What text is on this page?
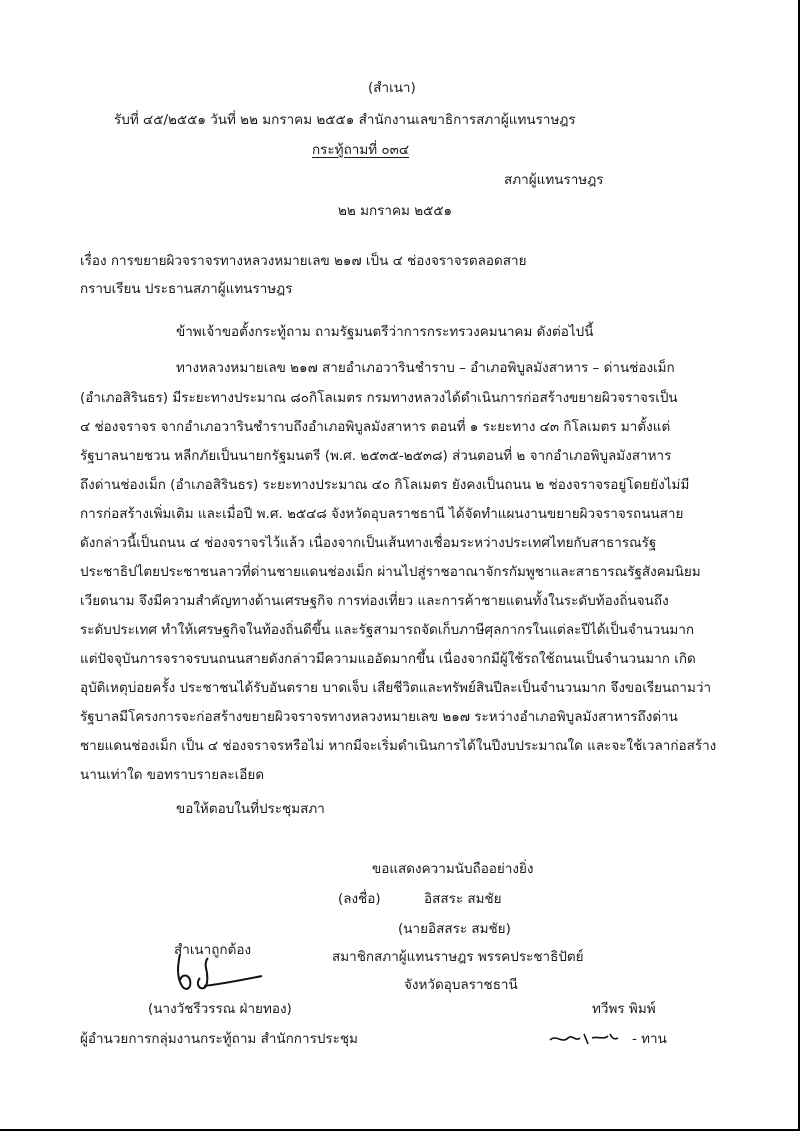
(สำเนา)
รับที่ ๔๕/๒๕๕๑ วันที่ ๒๒ มกราคม ๒๕๕๑ สำนักงานเลขาธิการสภาผู้แทนราษฎร
กระทู้ถามที่ ๐๓๔
สภาผู้แทนราษฎร
๒๒ มกราคม ๒๕๕๑
เรื่อง การขยายผิวจราจรทางหลวงหมายเลข ๒๑๗ เป็น ๔ ช่องจราจรตลอดสาย
กราบเรียน ประธานสภาผู้แทนราษฎร
ข้าพเจ้าขอตั้งกระทู้ถาม ถามรัฐมนตรีว่าการกระทรวงคมนาคม ดังต่อไปนี้
ทางหลวงหมายเลข ๒๑๗ สายอำเภอวารินชำราบ – อำเภอพิบูลมังสาหาร – ด่านช่องเม็ก
(อำเภอสิรินธร) มีระยะทางประมาณ ๘๐กิโลเมตร กรมทางหลวงได้ดำเนินการก่อสร้างขยายผิวจราจรเป็น
๔ ช่องจราจร จากอำเภอวารินชำราบถึงอำเภอพิบูลมังสาหาร ตอนที่ ๑ ระยะทาง ๔๓ กิโลเมตร มาตั้งแต่
รัฐบาลนายชวน หลีกภัยเป็นนายกรัฐมนตรี (พ.ศ. ๒๕๓๕-๒๕๓๘) ส่วนตอนที่ ๒ จากอำเภอพิบูลมังสาหาร
ถึงด่านช่องเม็ก (อำเภอสิรินธร) ระยะทางประมาณ ๔๐ กิโลเมตร ยังคงเป็นถนน ๒ ช่องจราจรอยู่โดยยังไม่มี
การก่อสร้างเพิ่มเติม และเมื่อปี พ.ศ. ๒๕๔๘ จังหวัดอุบลราชธานี ได้จัดทำแผนงานขยายผิวจราจรถนนสาย
ดังกล่าวนี้เป็นถนน ๔ ช่องจราจรไว้แล้ว เนื่องจากเป็นเส้นทางเชื่อมระหว่างประเทศไทยกับสาธารณรัฐ
ประชาธิปไตยประชาชนลาวที่ด่านชายแดนช่องเม็ก ผ่านไปสู่ราชอาณาจักรกัมพูชาและสาธารณรัฐสังคมนิยม
เวียดนาม จึงมีความสำคัญทางด้านเศรษฐกิจ การท่องเที่ยว และการค้าชายแดนทั้งในระดับท้องถิ่นจนถึง
ระดับประเทศ ทำให้เศรษฐกิจในท้องถิ่นดีขึ้น และรัฐสามารถจัดเก็บภาษีศุลกากรในแต่ละปีได้เป็นจำนวนมาก
แต่ปัจจุบันการจราจรบนถนนสายดังกล่าวมีความแออัดมากขึ้น เนื่องจากมีผู้ใช้รถใช้ถนนเป็นจำนวนมาก เกิด
อุบัติเหตุบ่อยครั้ง ประชาชนได้รับอันตราย บาดเจ็บ เสียชีวิตและทรัพย์สินปีละเป็นจำนวนมาก จึงขอเรียนถามว่า
รัฐบาลมีโครงการจะก่อสร้างขยายผิวจราจรทางหลวงหมายเลข ๒๑๗ ระหว่างอำเภอพิบูลมังสาหารถึงด่าน
ชายแดนช่องเม็ก เป็น ๔ ช่องจราจรหรือไม่ หากมีจะเริ่มดำเนินการได้ในปีงบประมาณใด และจะใช้เวลาก่อสร้าง
นานเท่าใด ขอทราบรายละเอียด
ขอให้ตอบในที่ประชุมสภา
ขอแสดงความนับถืออย่างยิ่ง
(ลงชื่อ)	อิสสระ สมชัย
(นายอิสสระ สมชัย)
สมาชิกสภาผู้แทนราษฎร พรรคประชาธิปัตย์
จังหวัดอุบลราชธานี
สำเนาถูกต้อง
(นางวัชรีวรรณ ฝ่ายทอง)
ผู้อำนวยการกลุ่มงานกระทู้ถาม สำนักการประชุม
ทวีพร พิมพ์
- ทาน
